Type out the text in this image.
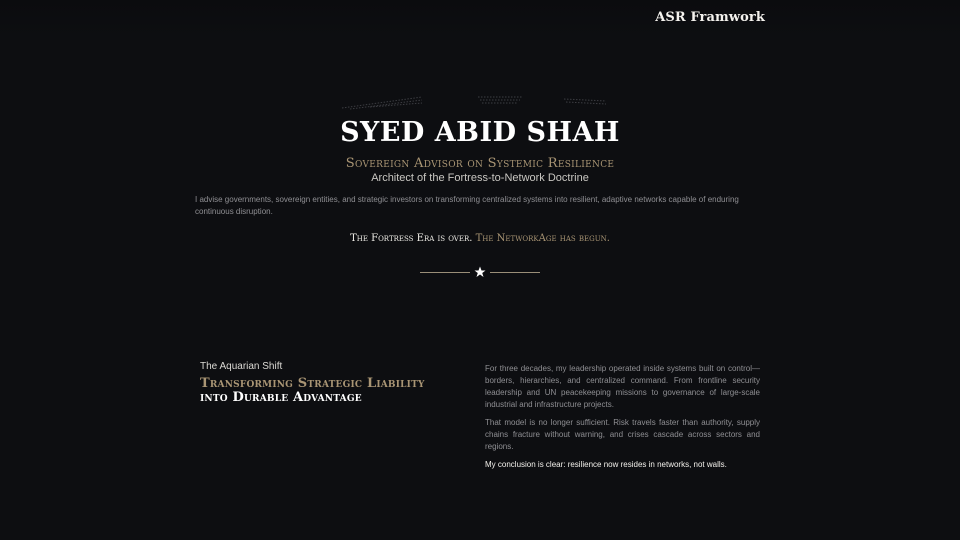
ASR Framwork
SYED ABID SHAH
Sovereign Advisor on Systemic Resilience
Architect of the Fortress-to-Network Doctrine
I advise governments, sovereign entities, and strategic investors on transforming centralized systems into resilient, adaptive networks capable of enduring continuous disruption.
The Fortress Era is over. The NetworkAge has begun.
The Aquarian Shift
Transforming Strategic Liability
into Durable Advantage

For three decades, my leadership operated inside systems built on control—borders, hierarchies, and centralized command. From frontline security leadership and UN peacekeeping missions to governance of large-scale industrial and infrastructure projects.

That model is no longer sufficient. Risk travels faster than authority, supply chains fracture without warning, and crises cascade across sectors and regions.

My conclusion is clear: resilience now resides in networks, not walls.
